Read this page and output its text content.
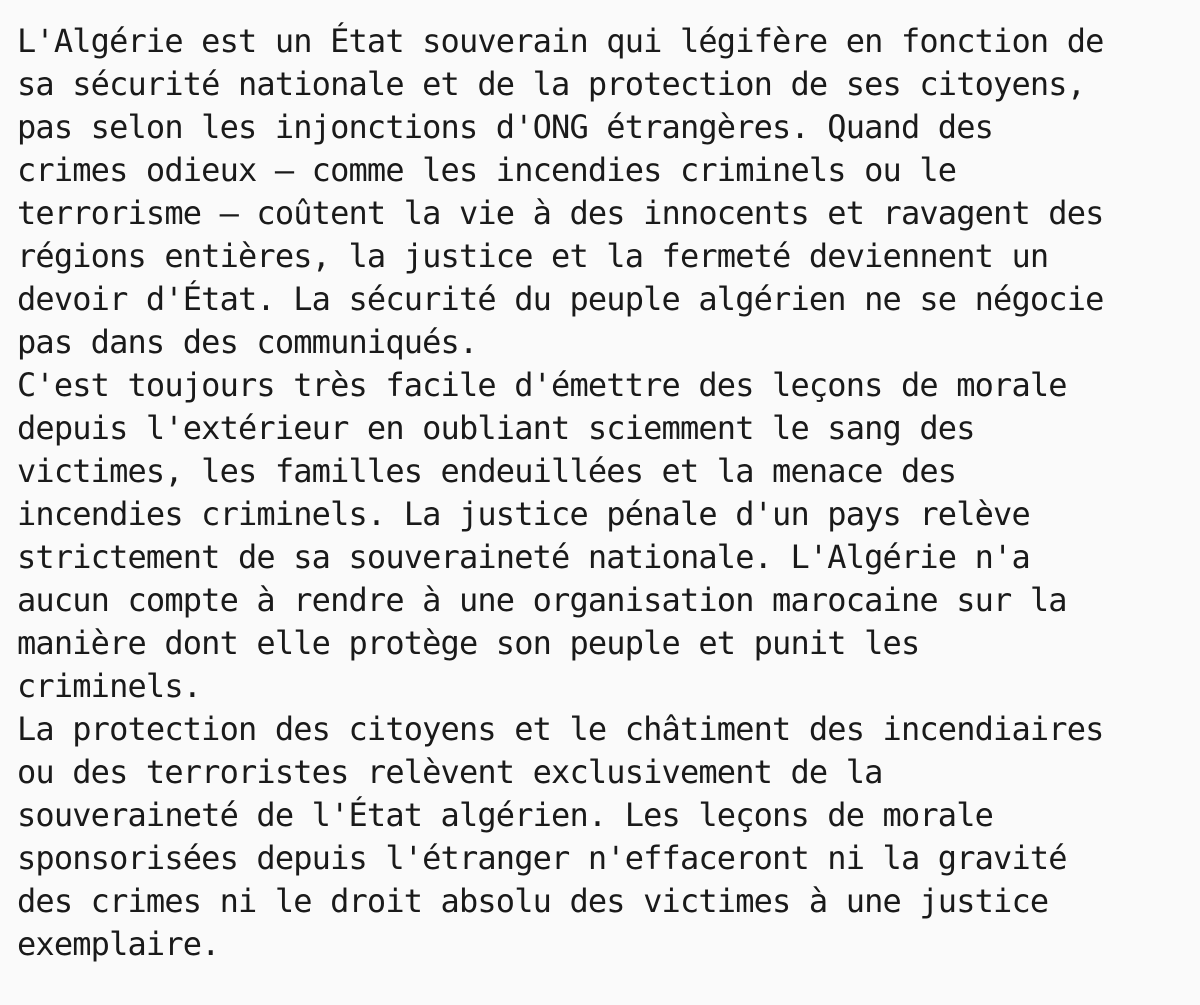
L'Algérie est un État souverain qui légifère en fonction de
sa sécurité nationale et de la protection de ses citoyens,
pas selon les injonctions d'ONG étrangères. Quand des
crimes odieux — comme les incendies criminels ou le
terrorisme — coûtent la vie à des innocents et ravagent des
régions entières, la justice et la fermeté deviennent un
devoir d'État. La sécurité du peuple algérien ne se négocie
pas dans des communiqués.
C'est toujours très facile d'émettre des leçons de morale
depuis l'extérieur en oubliant sciemment le sang des
victimes, les familles endeuillées et la menace des
incendies criminels. La justice pénale d'un pays relève
strictement de sa souveraineté nationale. L'Algérie n'a
aucun compte à rendre à une organisation marocaine sur la
manière dont elle protège son peuple et punit les
criminels.
La protection des citoyens et le châtiment des incendiaires
ou des terroristes relèvent exclusivement de la
souveraineté de l'État algérien. Les leçons de morale
sponsorisées depuis l'étranger n'effaceront ni la gravité
des crimes ni le droit absolu des victimes à une justice
exemplaire.
